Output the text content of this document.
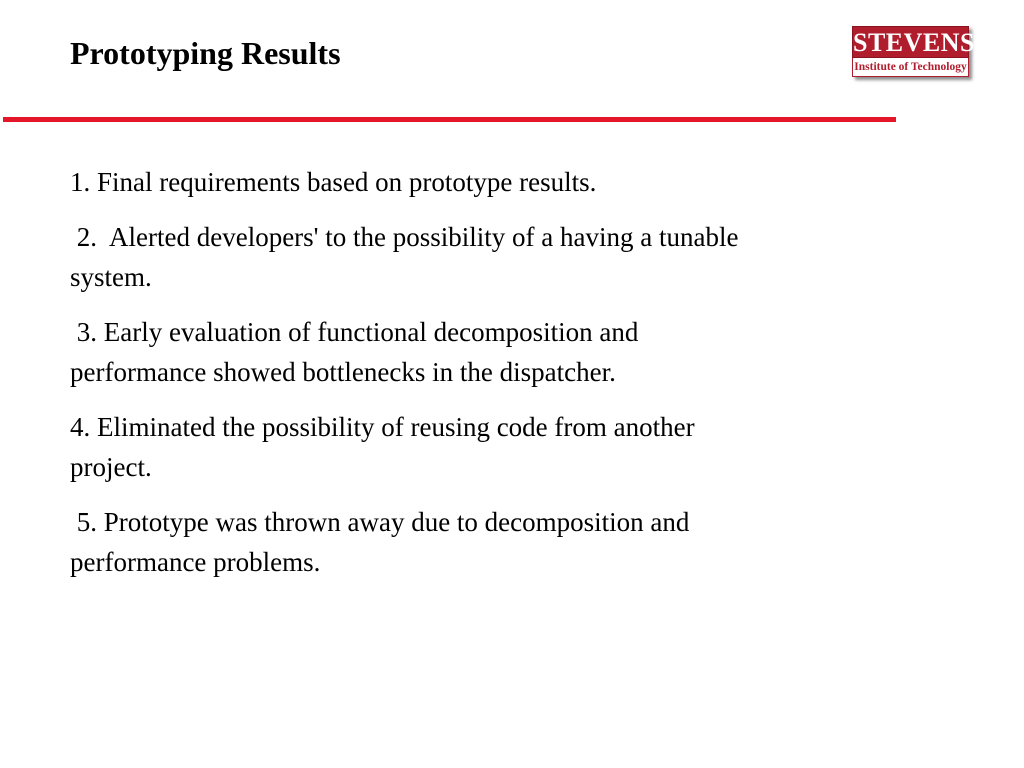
Prototyping Results	STEVENS
Institute of Technology

1. Final requirements based on prototype results.

2.  Alerted developers' to the possibility of a having a tunable system.

3. Early evaluation of functional decomposition and performance showed bottlenecks in the dispatcher.

4. Eliminated the possibility of reusing code from another project.

5. Prototype was thrown away due to decomposition and performance problems.
